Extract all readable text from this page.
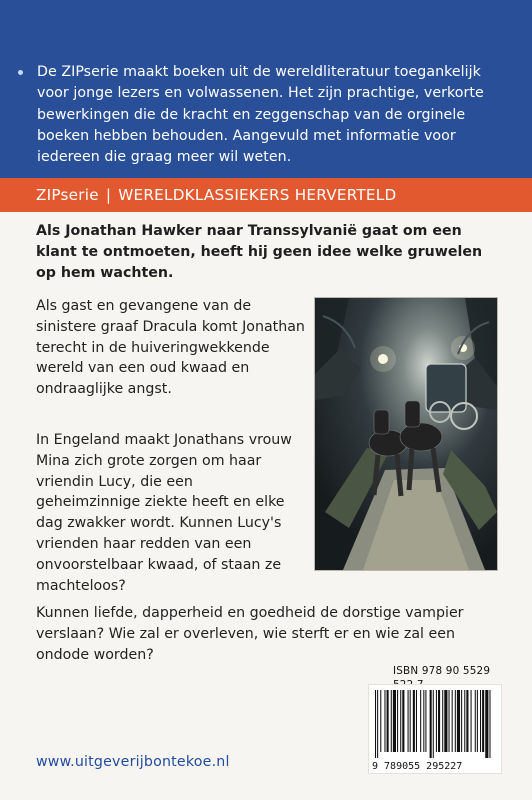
De ZIPserie maakt boeken uit de wereldliteratuur toegankelijk voor jonge lezers en volwassenen. Het zijn prachtige, verkorte bewerkingen die de kracht en zeggenschap van de orginele boeken hebben behouden. Aangevuld met informatie voor iedereen die graag meer wil weten.
ZIPserie | WERELDKLASSIEKERS HERVERTELD
Als Jonathan Hawker naar Transsylvanië gaat om een klant te ontmoeten, heeft hij geen idee welke gruwelen op hem wachten.
Als gast en gevangene van de sinistere graaf Dracula komt Jonathan terecht in de huiveringwekkende wereld van een oud kwaad en ondraaglijke angst.
In Engeland maakt Jonathans vrouw Mina zich grote zorgen om haar vriendin Lucy, die een geheimzinnige ziekte heeft en elke dag zwakker wordt. Kunnen Lucy's vrienden haar redden van een onvoorstelbaar kwaad, of staan ze machteloos?
Kunnen liefde, dapperheid en goedheid de dorstige vampier verslaan? Wie zal er overleven, wie sterft er en wie zal een ondode worden?
ISBN 978 90 5529
9 789055 295227
www.uitgeverijbontekoe.nl
